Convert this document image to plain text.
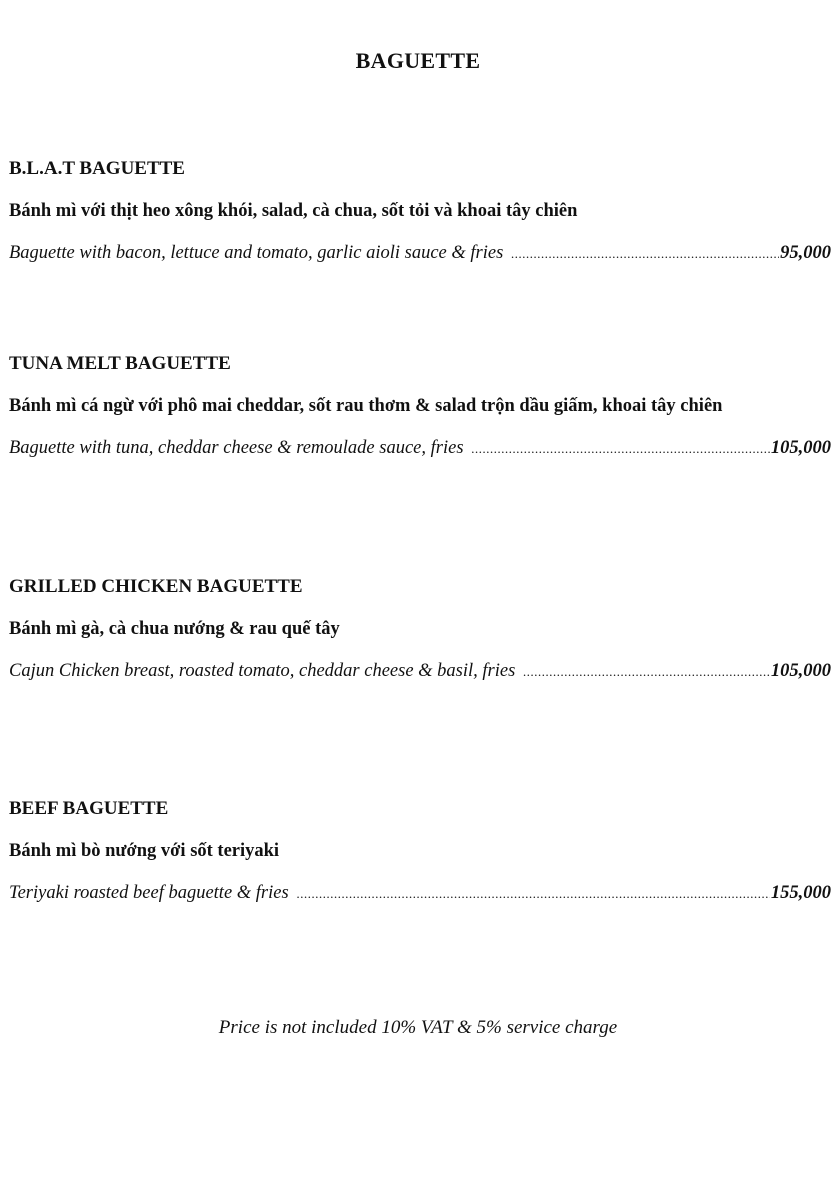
BAGUETTE
B.L.A.T BAGUETTE
Bánh mì với thịt heo xông khói, salad, cà chua, sốt tỏi và khoai tây chiên
Baguette with bacon, lettuce and tomato, garlic aioli sauce & fries .....	95,000
TUNA MELT BAGUETTE
Bánh mì cá ngừ với phô mai cheddar, sốt rau thơm & salad trộn dầu giấm, khoai tây chiên
Baguette with tuna, cheddar cheese & remoulade sauce, fries .....	105,000
GRILLED CHICKEN BAGUETTE
Bánh mì gà, cà chua nướng & rau quế tây
Cajun Chicken breast, roasted tomato, cheddar cheese & basil, fries .....	105,000
BEEF BAGUETTE
Bánh mì bò nướng với sốt teriyaki
Teriyaki roasted beef baguette & fries .....	155,000
Price is not included 10% VAT & 5% service charge
